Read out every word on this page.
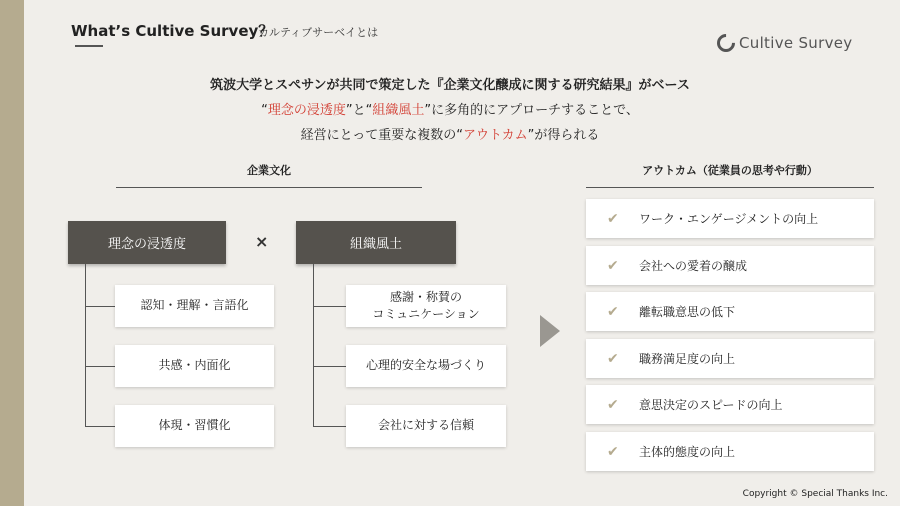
What’s Cultive Survey？
カルティブサーベイとは
Cultive Survey
筑波大学とスペサンが共同で策定した『企業文化醸成に関する研究結果』がベース
“理念の浸透度”と“組織風土”に多角的にアプローチすることで、
経営にとって重要な複数の“アウトカム”が得られる
企業文化
理念の浸透度	×	組織風土
認知・理解・言語化
共感・内面化
体現・習慣化
感謝・称賛の
コミュニケーション
心理的安全な場づくり
会社に対する信頼
アウトカム（従業員の思考や行動）
✔	ワーク・エンゲージメントの向上
✔	会社への愛着の醸成
✔	離転職意思の低下
✔	職務満足度の向上
✔	意思決定のスピードの向上
✔	主体的態度の向上
Copyright © Special Thanks Inc.
